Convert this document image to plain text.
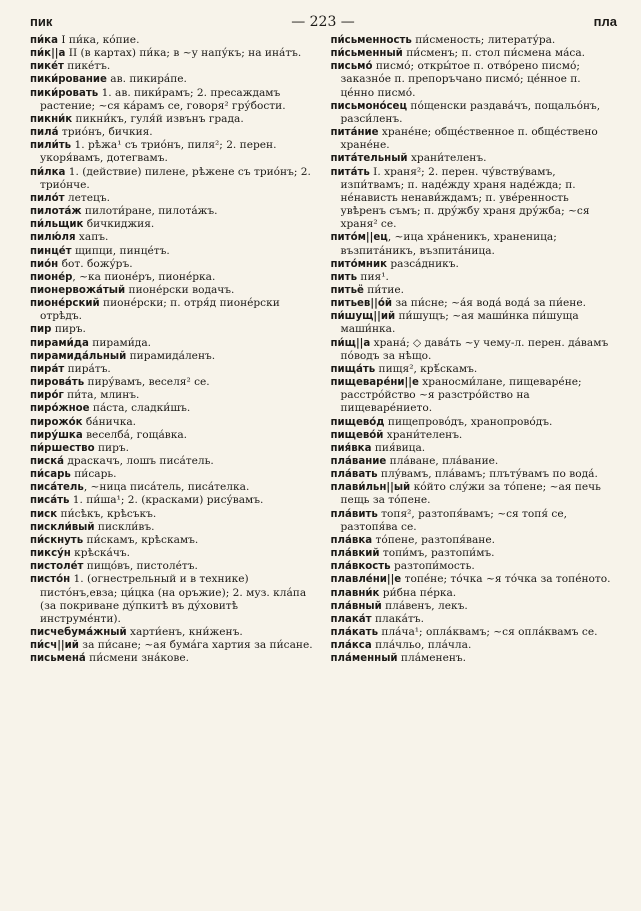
пик	— 223 —	пла

пи́ка I пи́ка, ко́пие.

пи́к||а II (в картах) пи́ка; в ~у напу́къ; на ина́тъ.

пике́т пике́тъ.

пики́рование ав. пикира́пе.

пики́ровать 1. ав. пики́рамъ; 2. пресаждамъ растение; ~ся ка́рамъ се, говоря² гру́бости.

пикни́к пикни́къ, гуля́й извънъ града.

пила́ трио́нъ, бичкия.

пили́ть 1. рѣжа¹ съ трио́нъ, пиля²; 2. перен. укоря́вамъ, дотегвамъ.

пи́лка 1. (действие) пилене, рѣжене съ трио́нъ; 2. трио́нче.

пило́т летецъ.

пилота́ж пилоти́ране, пилота́жъ.

пи́льщик бичкиджия.

пилю́ля хапъ.

пинце́т щипци, пинце́тъ.

пио́н бот. божу́ръ.

пионе́р, ~ка пионе́ръ, пионе́рка.

пионервожа́тый пионе́рски водачъ.

пионе́рский пионе́рски; п. отря́д пионе́рски отрѣдъ.

пир пиръ.

пирами́да пирами́да.

пирамида́льный пирамида́ленъ.

пира́т пира́тъ.

пирова́ть пиру́вамъ, веселя² се.

пиро́г пи́та, млинъ.

пиро́жное па́ста, сладки́шъ.

пирожо́к ба́ничка.

пиру́шка веселба́, гоща́вка.

пи́ршество пиръ.

писка́ драскачъ, лошъ писа́тель.

пи́сарь пи́сарь.

писа́тель, ~ница писа́тель, писа́телка.

писа́ть 1. пи́ша¹; 2. (красками) рису́вамъ.

писк пи́сѣкъ, крѣсъкъ.

пискли́вый пискли́въ.

пи́скнуть пи́скамъ, крѣскамъ.

пиксу́н крѣска́чъ.

пистоле́т пищо́въ, пистоле́тъ.

писто́н 1. (огнестрельный и в технике) писто́нъ,евза; ци́цка (на оръжие); 2. муз. кла́па (за покриване ду́пкитѣ въ ду́ховитѣ инструме́нти).

писчебума́жный харти́енъ, кни́женъ.

пи́сч||ий за пи́сане; ~ая бума́га хартия за пи́сане.

письмена́ пи́смени зна́кове.

пи́сьменность пи́сменость; литерату́ра.

пи́сьменный пи́сменъ; п. стол пи́смена ма́са.

письмо́ писмо́; откры́тое п. отво́рено писмо́; заказно́е п. препоръчано писмо́; це́нное п. це́нно писмо́.

письмоно́сец по́щенски раздава́чъ, пощальо́нъ, разси́ленъ.

пита́ние хране́не; обще́ственное п. обще́ствено хране́не.

пита́тельный храни́теленъ.

пита́ть I. храня²; 2. перен. чу́вству́вамъ, изпи́твамъ; п. наде́жду храня наде́жда; п. не́нависть ненави́ждамъ; п. уве́ренность увѣренъ съмъ; п. дру́жбу храня дру́жба; ~ся храня² се.

пито́м||ец, ~ица хра́неникъ, храненица; възпита́никъ, възпита́ница.

пито́мник разса́дникъ.

пить пия¹.

питьё пи́тие.

питьев||о́й за пи́сне; ~а́я вода́ вода́ за пи́ене.

пи́шущ||ий пи́шущъ; ~ая маши́нка пи́шуща маши́нка.

пи́щ||а храна́; ◇ дава́ть ~у чему-л. перен. да́вамъ по́водъ за нѣщо.

пища́ть пищя², крѣ́скамъ.

пищеваре́ни||е храносми́лане, пищеваре́не; расстро́йство ~я разстро́йство на пищеваре́нието.

пищево́д пищепрово́дъ, хранопрово́дъ.

пищево́й храни́теленъ.

пия́вка пия́вица.

пла́вание пла́ване, пла́вание.

пла́вать плу́вамъ, пла́вамъ; плъту́вамъ по вода́.

плави́льн||ый ко́йто слу́жи за то́пене; ~ая печь пещь за то́пене.

пла́вить топя², разтопя́вамъ; ~ся топя́ се, разтопя́ва се.

пла́вка то́пене, разтопя́ване.

пла́вкий топи́мъ, разтопи́мъ.

пла́вкость разтопи́мость.

плавле́ни||е топе́не; то́чка ~я то́чка за топе́ното.

плавни́к ри́бна пе́рка.

пла́вный пла́венъ, лекъ.

плака́т плака́тъ.

пла́кать пла́ча¹; опла́квамъ; ~ся опла́квамъ се.

пла́кса пла́чльо, пла́члa.

пла́менный пла́мененъ.
